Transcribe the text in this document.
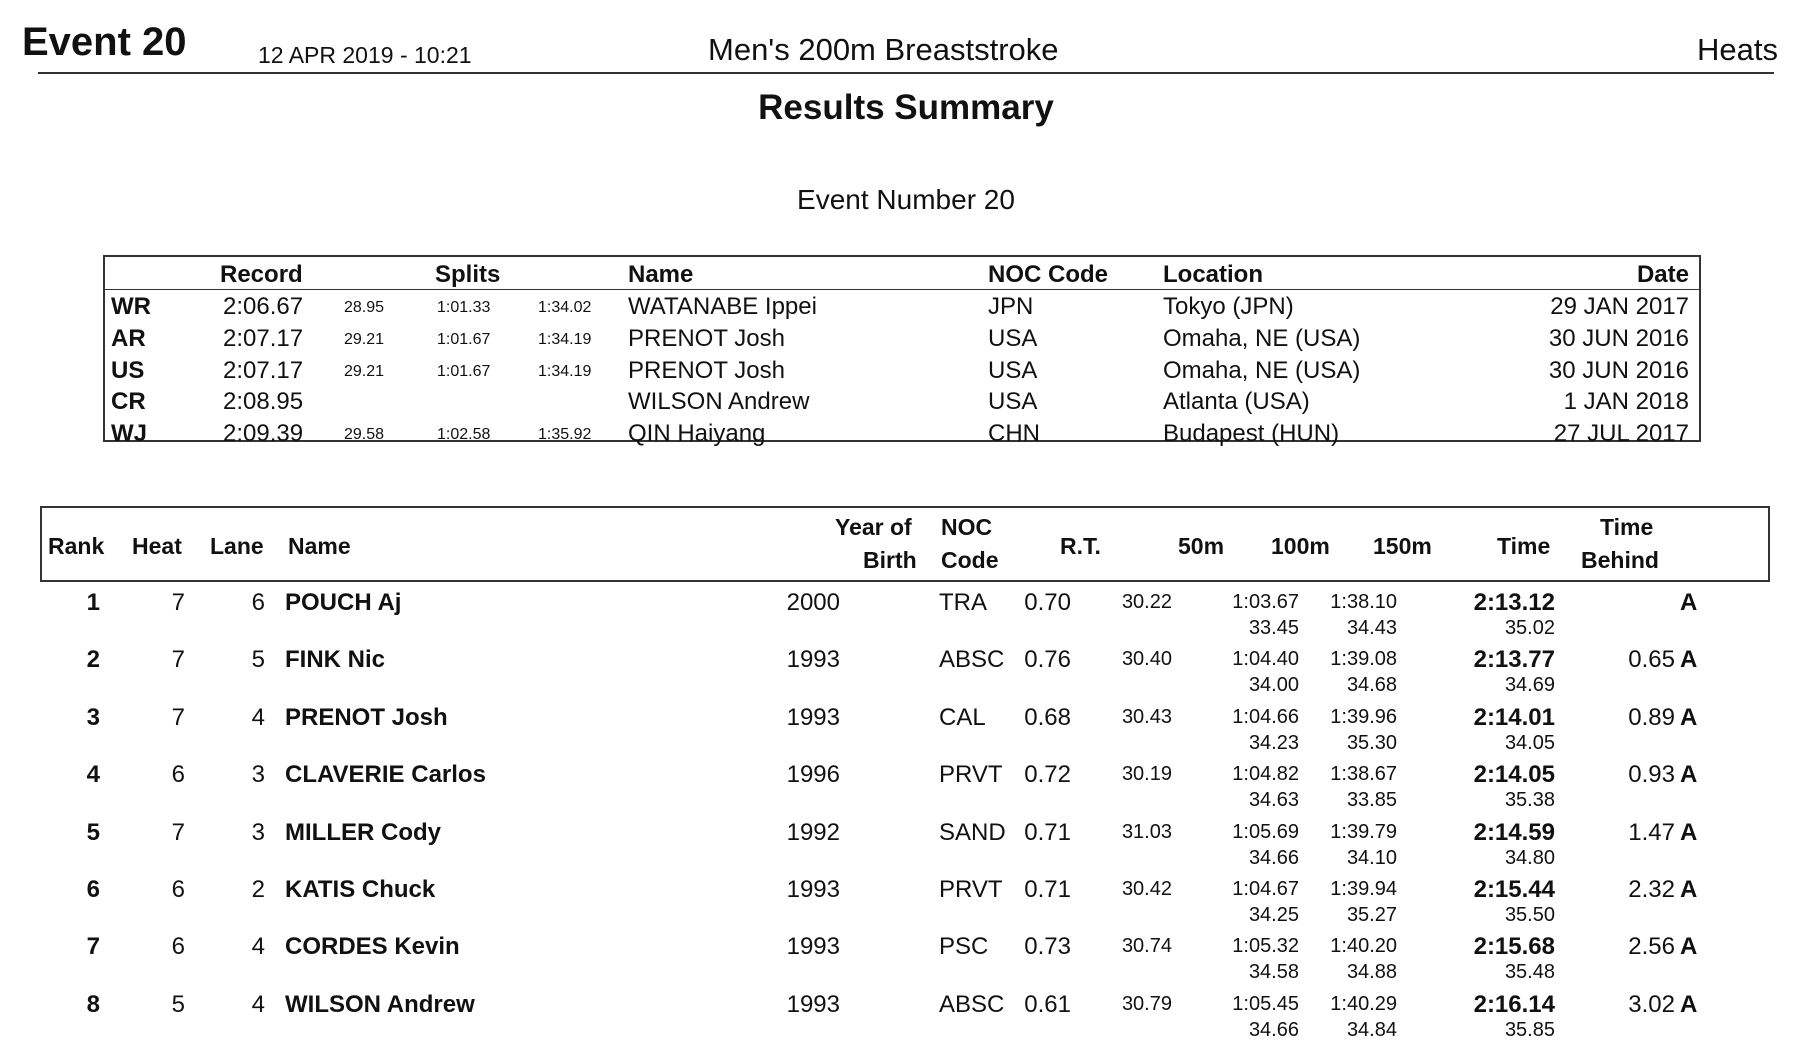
Event 20	12 APR 2019 - 10:21	Men's 200m Breaststroke	Heats
Results Summary
Event Number 20
Record	Splits	Name	NOC Code Location	Date
WR	2:06.67	28.95	1:01.33	1:34.02 WATANABE Ippei	JPN	Tokyo (JPN)	29 JAN 2017
AR	2:07.17	29.21	1:01.67	1:34.19 PRENOT Josh	USA	Omaha, NE (USA)	30 JUN 2016
US	2:07.17	29.21	1:01.67	1:34.19 PRENOT Josh	USA	Omaha, NE (USA)	30 JUN 2016
CR	2:08.95	WILSON Andrew	USA	Atlanta (USA)	1 JAN 2018
WJ	2:09.39	29.58	1:02.58	1:35.92 QIN Haiyang	CHN	Budapest (HUN)	27 JUL 2017
Rank Heat Lane Name
Year of
Birth
NOC
Code
R.T.	50m 100m 150m	Time
Time
Behind
1	7	6 POUCH Aj	2000	TRA	0.70	30.22	1:03.67	1:38.10	2:13.12	A
33.45	34.43	35.02
2	7	5 FINK Nic	1993	ABSC 0.76	30.40	1:04.40	1:39.08	2:13.77	0.65 A
34.00	34.68	34.69
3	7	4 PRENOT Josh	1993	CAL	0.68	30.43	1:04.66	1:39.96	2:14.01	0.89 A
34.23	35.30	34.05
4	6	3 CLAVERIE Carlos	1996	PRVT 0.72	30.19	1:04.82	1:38.67	2:14.05	0.93 A
34.63	33.85	35.38
5	7	3 MILLER Cody	1992	SAND 0.71	31.03	1:05.69	1:39.79	2:14.59	1.47 A
34.66	34.10	34.80
6	6	2 KATIS Chuck	1993	PRVT 0.71	30.42	1:04.67	1:39.94	2:15.44	2.32 A
34.25	35.27	35.50
7	6	4 CORDES Kevin	1993	PSC	0.73	30.74	1:05.32	1:40.20	2:15.68	2.56 A
34.58	34.88	35.48
8	5	4 WILSON Andrew	1993	ABSC 0.61	30.79	1:05.45	1:40.29	2:16.14	3.02 A
34.66	34.84	35.85
